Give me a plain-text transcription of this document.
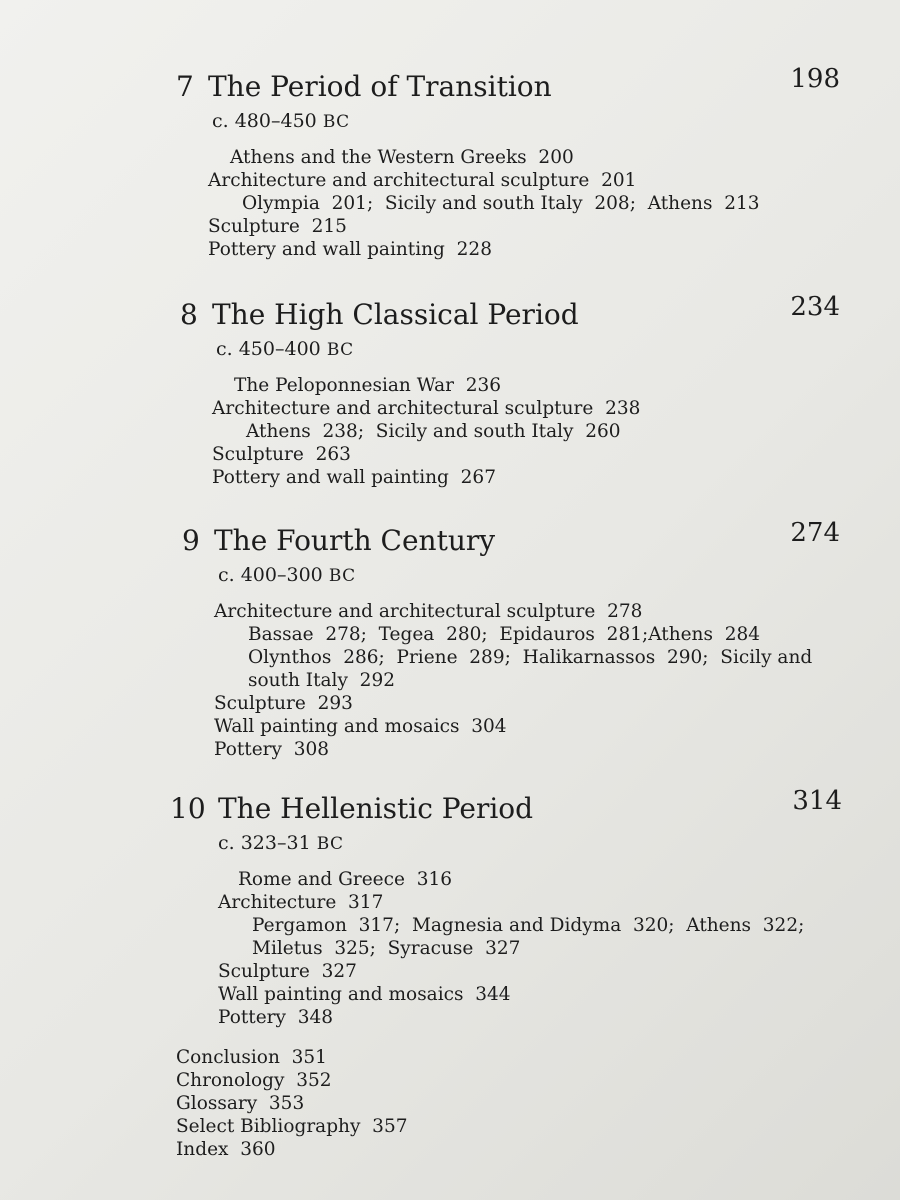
7 The Period of Transition	198
c. 480–450 BC
Athens and the Western Greeks  200
Architecture and architectural sculpture  201
Olympia  201;  Sicily and south Italy  208;  Athens  213
Sculpture  215
Pottery and wall painting  228
8 The High Classical Period	234
c. 450–400 BC
The Peloponnesian War  236
Architecture and architectural sculpture  238
Athens  238;  Sicily and south Italy  260
Sculpture  263
Pottery and wall painting  267
9 The Fourth Century	274
c. 400–300 BC
Architecture and architectural sculpture  278
Bassae  278;  Tegea  280;  Epidauros  281;Athens  284
Olynthos  286;  Priene  289;  Halikarnassos  290;  Sicily and
south Italy  292
Sculpture  293
Wall painting and mosaics  304
Pottery  308
10 The Hellenistic Period	314
c. 323–31 BC
Rome and Greece  316
Architecture  317
Pergamon  317;  Magnesia and Didyma  320;  Athens  322;
Miletus  325;  Syracuse  327
Sculpture  327
Wall painting and mosaics  344
Pottery  348
Conclusion  351
Chronology  352
Glossary  353
Select Bibliography  357
Index  360
